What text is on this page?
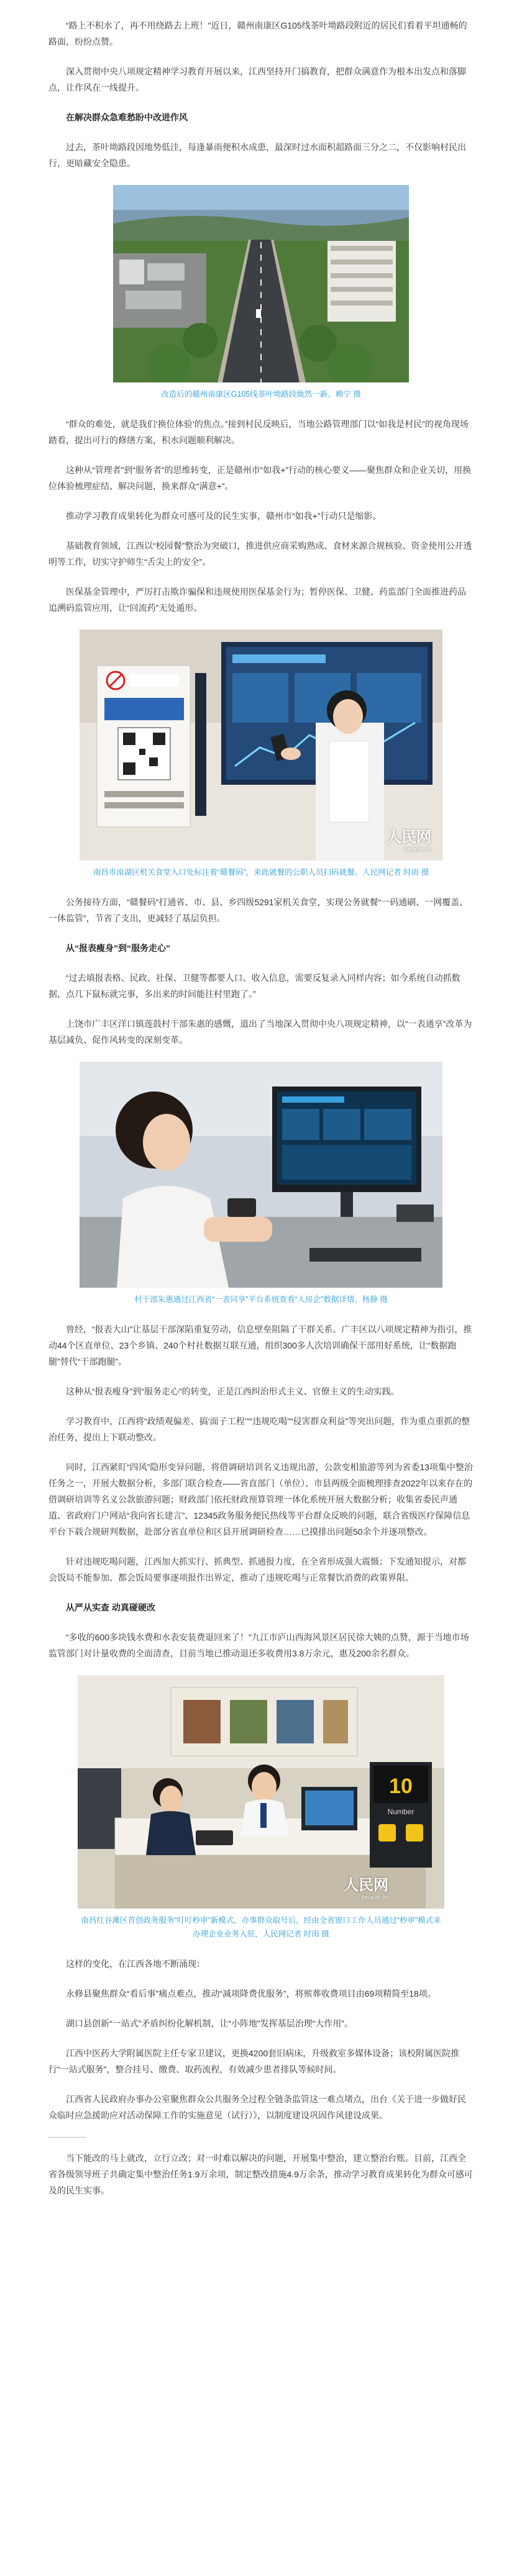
“路上不积水了，再不用绕路去上班！”近日，赣州南康区G105线茶叶坳路段附近的居民们看着平坦通畅的路面，纷纷点赞。

深入贯彻中央八项规定精神学习教育开展以来，江西坚持开门搞教育，把群众满意作为根本出发点和落脚点，让作风在一线提升。

在解决群众急难愁盼中改进作风

过去，茶叶坳路段因地势低洼，每逢暴雨便积水成患，最深时过水面积超路面三分之二，不仅影响村民出行，更暗藏安全隐患。

改造后的赣州南康区G105线茶叶坳路段焕然一新。赖宁 摄

“群众的难处，就是我们‘换位体验’的焦点。”接到村民反映后，当地公路管理部门以“如我是村民”的视角现场踏看，提出可行的修缮方案，积水问题顺利解决。

这种从“管理者”到“服务者”的思维转变，正是赣州市“如我+”行动的核心要义——聚焦群众和企业关切，用换位体验梳理症结、解决问题，换来群众“满意+”。

推动学习教育成果转化为群众可感可及的民生实事，赣州市“如我+”行动只是缩影。

基础教育领域，江西以“校园餐”整治为突破口，推进供应商采购熟成、食材来源合规核验、资金使用公开透明等工作，切实守护师生“舌尖上的安全”。

医保基金管理中，严厉打击欺诈骗保和违规使用医保基金行为；暂停医保、卫健、药监部门全面推进药品追溯码监管应用，让“回流药”无处遁形。

人民网
people.cn
南昌市南湖区机关食堂入口处标注着“赣餐码”，来此就餐的公职人员扫码就餐。人民网记者 时雨 摄

公务接待方面，“赣餐码”打通省、市、县、乡四级5291家机关食堂，实现公务就餐“一码通刷、一网覆盖、一体监管”，节省了支出，更减轻了基层负担。

从“报表瘦身”到“服务走心”

“过去填报表格、民政、社保、卫健等都要人口、收入信息，需要反复录入同样内容；如今系统自动抓数据，点几下鼠标就完事，多出来的时间能往村里跑了。”

上饶市广丰区洋口镇莲鼓村干部朱惠的感慨，道出了当地深入贯彻中央八项规定精神，以“一表通享”改革为基层减负、促作风转变的深刻变革。

村干部朱惠通过江西省“一表同享”平台系统查看“人房企”数据详情。杨静 摄

曾经，“报表大山”让基层干部深陷重复劳动，信息壁垒阻隔了干群关系。广丰区以八项规定精神为指引，推动44个区直单位、23个乡镇、240个村社数据互联互通，组织300多人次培训确保干部用好系统，让“数据跑腿”替代“干部跑腿”。

这种从“报表瘦身”到“服务走心”的转变，正是江西纠治形式主义、官僚主义的生动实践。

学习教育中，江西将“政绩观偏差、搞‘面子工程’”“违规吃喝”“侵害群众利益”等突出问题，作为重点重抓的整治任务，提出上下联动整改。

同时，江西紧盯“四风”隐形变异问题，将借调研培训名义违规出游，公款变相旅游等列为省委13项集中整治任务之一，开展大数据分析，多部门联合检查——省直部门（单位）、市县两级全面梳理排查2022年以来存在的借调研培训等名义公款旅游问题；财政部门依托财政预算管理一体化系统开展大数据分析；收集省委民声通道、省政府门户网站“我向省长建言”、12345政务服务便民热线等平台群众反映的问题，联合省级医疗保障信息平台下载合规研判数据，赴部分省直单位和区县开展调研检查……已摸排出问题50余个并逐项整改。

针对违规吃喝问题，江西加大抓实行、抓典型、抓通报力度，在全省形成强大震慑；下发通知提示，对都会饭局不能参加、都会饭局要事逐项报作出界定，推动了违规吃喝与正常餐饮消费的政策界限。

从严从实查 动真碰硬改

“多收的600多块钱水费和水表安装费退回来了！”九江市庐山西海风景区居民徐大姨的点赞，源于当地市场监管部门对计量收费的全面清查，目前当地已推动退还多收费用3.8万余元，惠及200余名群众。

10
Number
人民网
people.cn
南昌红谷滩区首创政务服务“叮叮秒审”新模式，办事群众取号后，经由全省窗口工作人员通过“秒审”模式来办理企业业务入驻，人民网记者 时雨 摄

这样的变化，在江西各地不断涌现：

永修县聚焦群众“看后事”痛点难点，推动“减项降费优服务”，将殡葬收费项目由69项精简至18项。

湖口县创新“一站式”矛盾纠纷化解机制，让“小阵地”发挥基层治理“大作用”。

江西中医药大学附属医院主任专家卫建议，更换4200套旧病床，升级救室多媒体设备；该校附属医院推行“一站式服务”，整合挂号、缴费、取药流程，有效减少患者排队等候时间。

江西省人民政府办事办公室聚焦群众公共服务全过程全链条监管这一难点堵点，出台《关于进一步做好民众临时应急援助应对活动保障工作的实施意见（试行）》，以制度建设巩固作风建设成果。

当下能改的马上就改，立行立改；对一时难以解决的问题，开展集中整治，建立整治台账。目前，江西全省各级领导班子共确定集中整治任务1.9万余项，制定整改措施4.9万余条，推动学习教育成果转化为群众可感可及的民生实事。
